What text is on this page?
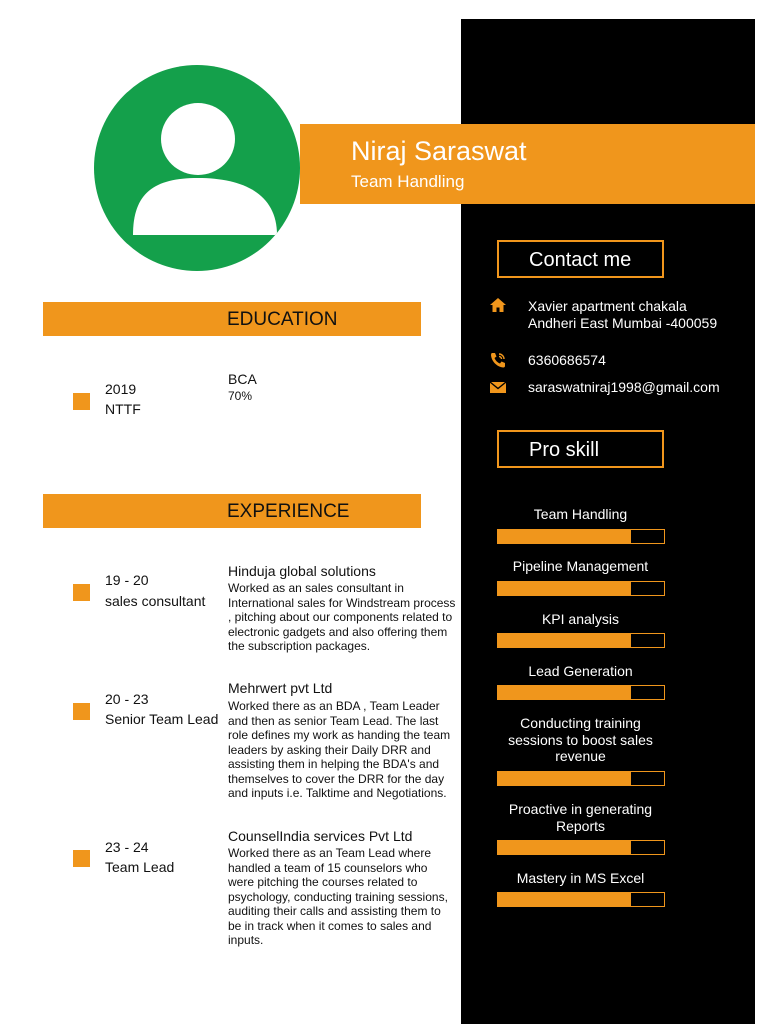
Niraj Saraswat
Team Handling
EDUCATION
2019
NTTF
BCA
70%
EXPERIENCE
19 - 20
sales consultant
Hinduja global solutions
Worked as an sales consultant in International sales for Windstream process , pitching about our components related to electronic gadgets and also offering them the subscription packages.
20 - 23
Senior Team Lead
Mehrwert pvt Ltd
Worked there as an BDA , Team Leader and then as senior Team Lead. The last role defines my work as handing the team leaders by asking their Daily DRR and assisting them in helping the BDA's and themselves to cover the DRR for the day and inputs i.e. Talktime and Negotiations.
23 - 24
Team Lead
CounselIndia services Pvt Ltd
Worked there as an Team Lead where handled a team of 15 counselors who were pitching the courses related to psychology, conducting training sessions, auditing their calls and assisting them to be in track when it comes to sales and inputs.
Contact me
Xavier apartment chakala
Andheri East Mumbai -400059
6360686574
saraswatniraj1998@gmail.com
Pro skill
Team Handling
Pipeline Management
KPI analysis
Lead Generation
Conducting training sessions to boost sales revenue
Proactive in generating Reports
Mastery in MS Excel
